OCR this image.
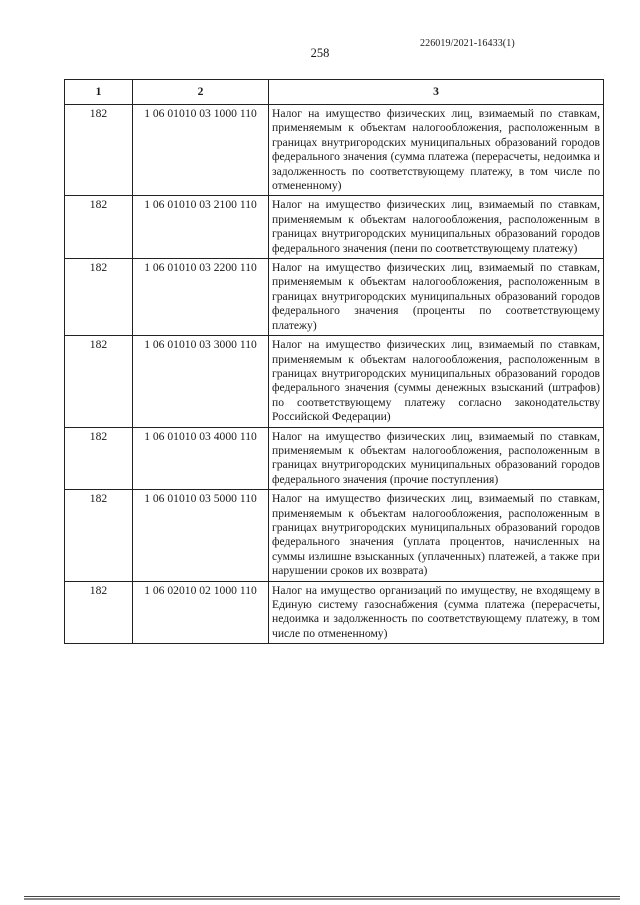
226019/2021-16433(1)
258
1	2	3
182	1 06 01010 03 1000 110	Налог на имущество физических лиц, взимаемый по ставкам, применяемым к объектам налогообложения, расположенным в границах внутригородских муниципальных образований городов федерального значения (сумма платежа (перерасчеты, недоимка и задолженность по соответствующему платежу, в том числе по отмененному)
182	1 06 01010 03 2100 110	Налог на имущество физических лиц, взимаемый по ставкам, применяемым к объектам налогообложения, расположенным в границах внутригородских муниципальных образований городов федерального значения (пени по соответствующему платежу)
182	1 06 01010 03 2200 110	Налог на имущество физических лиц, взимаемый по ставкам, применяемым к объектам налогообложения, расположенным в границах внутригородских муниципальных образований городов федерального значения (проценты по соответствующему платежу)
182	1 06 01010 03 3000 110	Налог на имущество физических лиц, взимаемый по ставкам, применяемым к объектам налогообложения, расположенным в границах внутригородских муниципальных образований городов федерального значения (суммы денежных взысканий (штрафов) по соответствующему платежу согласно законодательству Российской Федерации)
182	1 06 01010 03 4000 110	Налог на имущество физических лиц, взимаемый по ставкам, применяемым к объектам налогообложения, расположенным в границах внутригородских муниципальных образований городов федерального значения (прочие поступления)
182	1 06 01010 03 5000 110	Налог на имущество физических лиц, взимаемый по ставкам, применяемым к объектам налогообложения, расположенным в границах внутригородских муниципальных образований городов федерального значения (уплата процентов, начисленных на суммы излишне взысканных (уплаченных) платежей, а также при нарушении сроков их возврата)
182	1 06 02010 02 1000 110	Налог на имущество организаций по имуществу, не входящему в Единую систему газоснабжения (сумма платежа (перерасчеты, недоимка и задолженность по соответствующему платежу, в том числе по отмененному)
